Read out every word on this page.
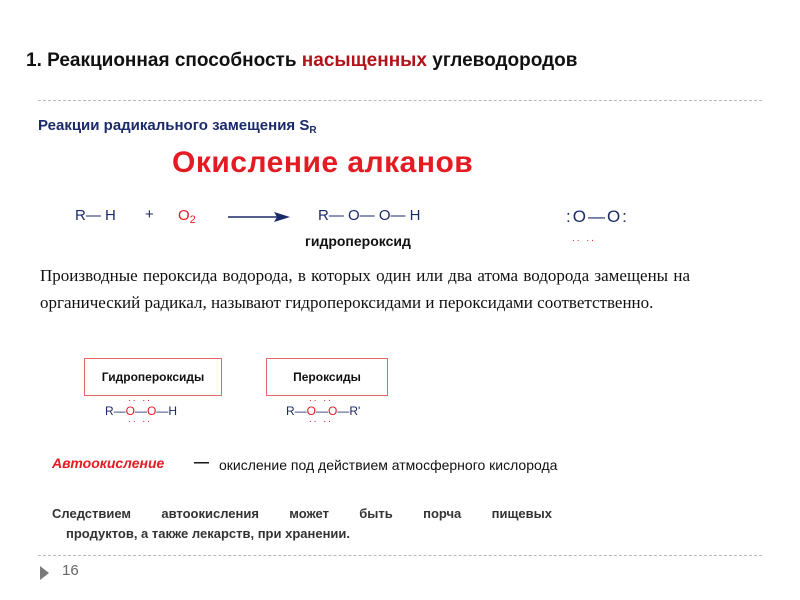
1. Реакционная способность насыщенных углеводородов
Реакции радикального замещения $S_R$
Окисление алканов
R— $H + O_2$	R— O— O— H
гидропероксид
:O—O:
.. ..
Производные пероксида водорода, в которых один или два атома водорода замещены на органический радикал, называют гидропероксидами и пероксидами соответственно.
Гидропероксиды
R—O—O—H
.. ..
.. ..
Пероксиды
R—O—O—R'
.. ..
.. ..
Автоокисление — окисление под действием атмосферного кислорода
Следствием автоокисления может быть порча пищевых
продуктов, а также лекарств, при хранении.
16
